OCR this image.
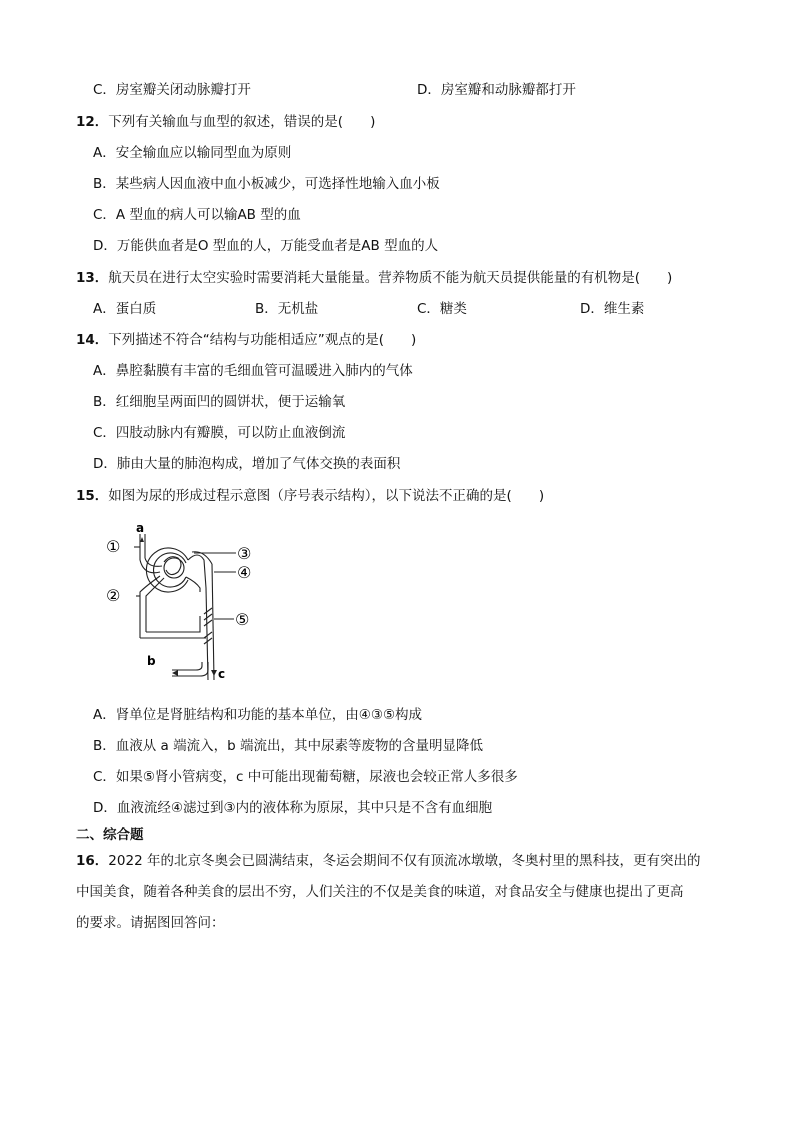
C．房室瓣关闭动脉瓣打开	D．房室瓣和动脉瓣都打开
12．下列有关输血与血型的叙述，错误的是(　　)
A．安全输血应以输同型血为原则
B．某些病人因血液中血小板减少，可选择性地输入血小板
C．A 型血的病人可以输AB 型的血
D．万能供血者是O 型血的人，万能受血者是AB 型血的人
13．航天员在进行太空实验时需要消耗大量能量。营养物质不能为航天员提供能量的有机物是(　　)
A．蛋白质	B．无机盐	C．糖类	D．维生素
14．下列描述不符合“结构与功能相适应”观点的是(　　)
A．鼻腔黏膜有丰富的毛细血管可温暖进入肺内的气体
B．红细胞呈两面凹的圆饼状，便于运输氧
C．四肢动脉内有瓣膜，可以防止血液倒流
D．肺由大量的肺泡构成，增加了气体交换的表面积
15．如图为尿的形成过程示意图（序号表示结构），以下说法不正确的是(　　)
a
①
②
③
④
⑤
b
c
A．肾单位是肾脏结构和功能的基本单位，由④③⑤构成
B．血液从 a 端流入，b 端流出，其中尿素等废物的含量明显降低
C．如果⑤肾小管病变，c 中可能出现葡萄糖，尿液也会较正常人多很多
D．血液流经④滤过到③内的液体称为原尿，其中只是不含有血细胞
二、综合题
16．2022 年的北京冬奥会已圆满结束，冬运会期间不仅有顶流冰墩墩，冬奥村里的黑科技，更有突出的
中国美食，随着各种美食的层出不穷，人们关注的不仅是美食的味道，对食品安全与健康也提出了更高
的要求。请据图回答问：
